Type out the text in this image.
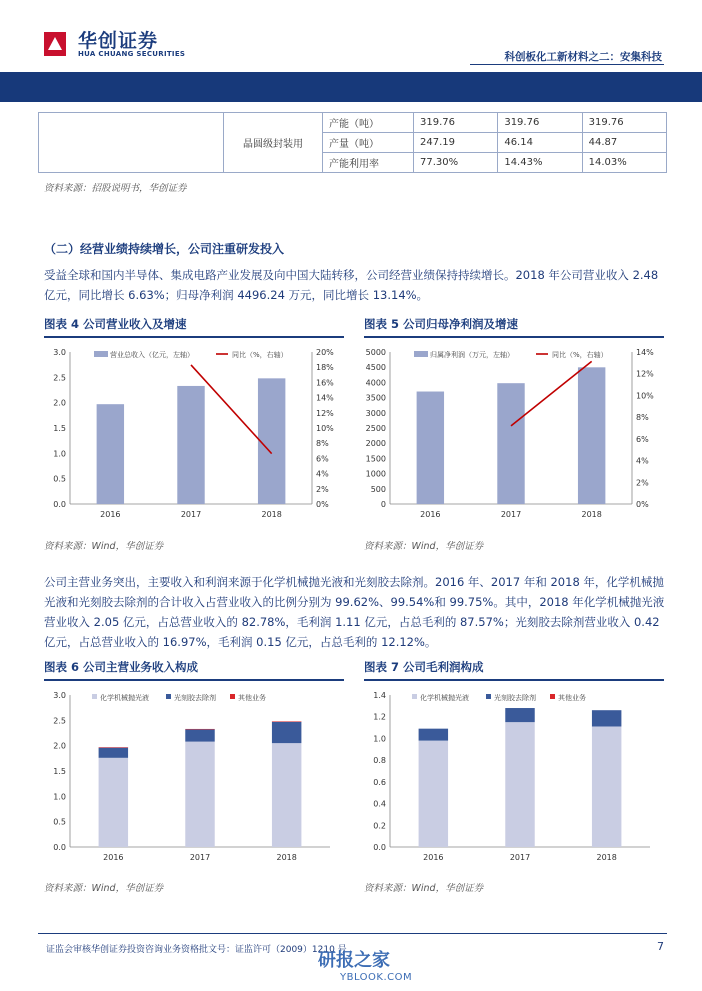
华创证券
HUA CHUANG SECURITIES	科创板化工新材料之二：安集科技
	晶圆级封装用	产能（吨）	319.76	319.76	319.76
		产量（吨）	247.19	46.14	44.87
		产能利用率	77.30%	14.43%	14.03%
资料来源：招股说明书，华创证券
（二）经营业绩持续增长，公司注重研发投入
受益全球和国内半导体、集成电路产业发展及向中国大陆转移，公司经营业绩保持持续增长。2018 年公司营业收入 2.48 亿元，同比增长 6.63%；归母净利润 4496.24 万元，同比增长 13.14%。
图表 4 公司营业收入及增速	图表 5 公司归母净利润及增速
0.0
0.5
1.0
1.5
2.0
2.5
3.0
0%
2%
4%
6%
8%
10%
12%
14%
16%
18%
20%
2016	2017	2018
营业总收入（亿元，左轴）	同比（%，右轴）
0
500
1000
1500
2000
2500
3000
3500
4000
4500
5000
0%
2%
4%
6%
8%
10%
12%
14%
2016	2017	2018
归属净利润（万元，左轴）	同比（%，右轴）
资料来源：Wind，华创证券	资料来源：Wind，华创证券
公司主营业务突出，主要收入和利润来源于化学机械抛光液和光刻胶去除剂。2016 年、2017 年和 2018 年，化学机械抛光液和光刻胶去除剂的合计收入占营业收入的比例分别为 99.62%、99.54%和 99.75%。其中，2018 年化学机械抛光液营业收入 2.05 亿元，占总营业收入的 82.78%，毛利润 1.11 亿元，占总毛利的 87.57%；光刻胶去除剂营业收入 0.42 亿元，占总营业收入的 16.97%，毛利润 0.15 亿元，占总毛利的 12.12%。
图表 6 公司主营业务收入构成	图表 7 公司毛利润构成
0.0
0.5
1.0
1.5
2.0
2.5
3.0
2016	2017	2018
化学机械抛光液	光刻胶去除剂	其他业务
0.0
0.2
0.4
0.6
0.8
1.0
1.2
1.4
2016	2017	2018
化学机械抛光液	光刻胶去除剂	其他业务
资料来源：Wind，华创证券	资料来源：Wind，华创证券
证监会审核华创证券投资咨询业务资格批文号：证监许可（2009）1210 号	7
研报之家
YBLOOK.COM
